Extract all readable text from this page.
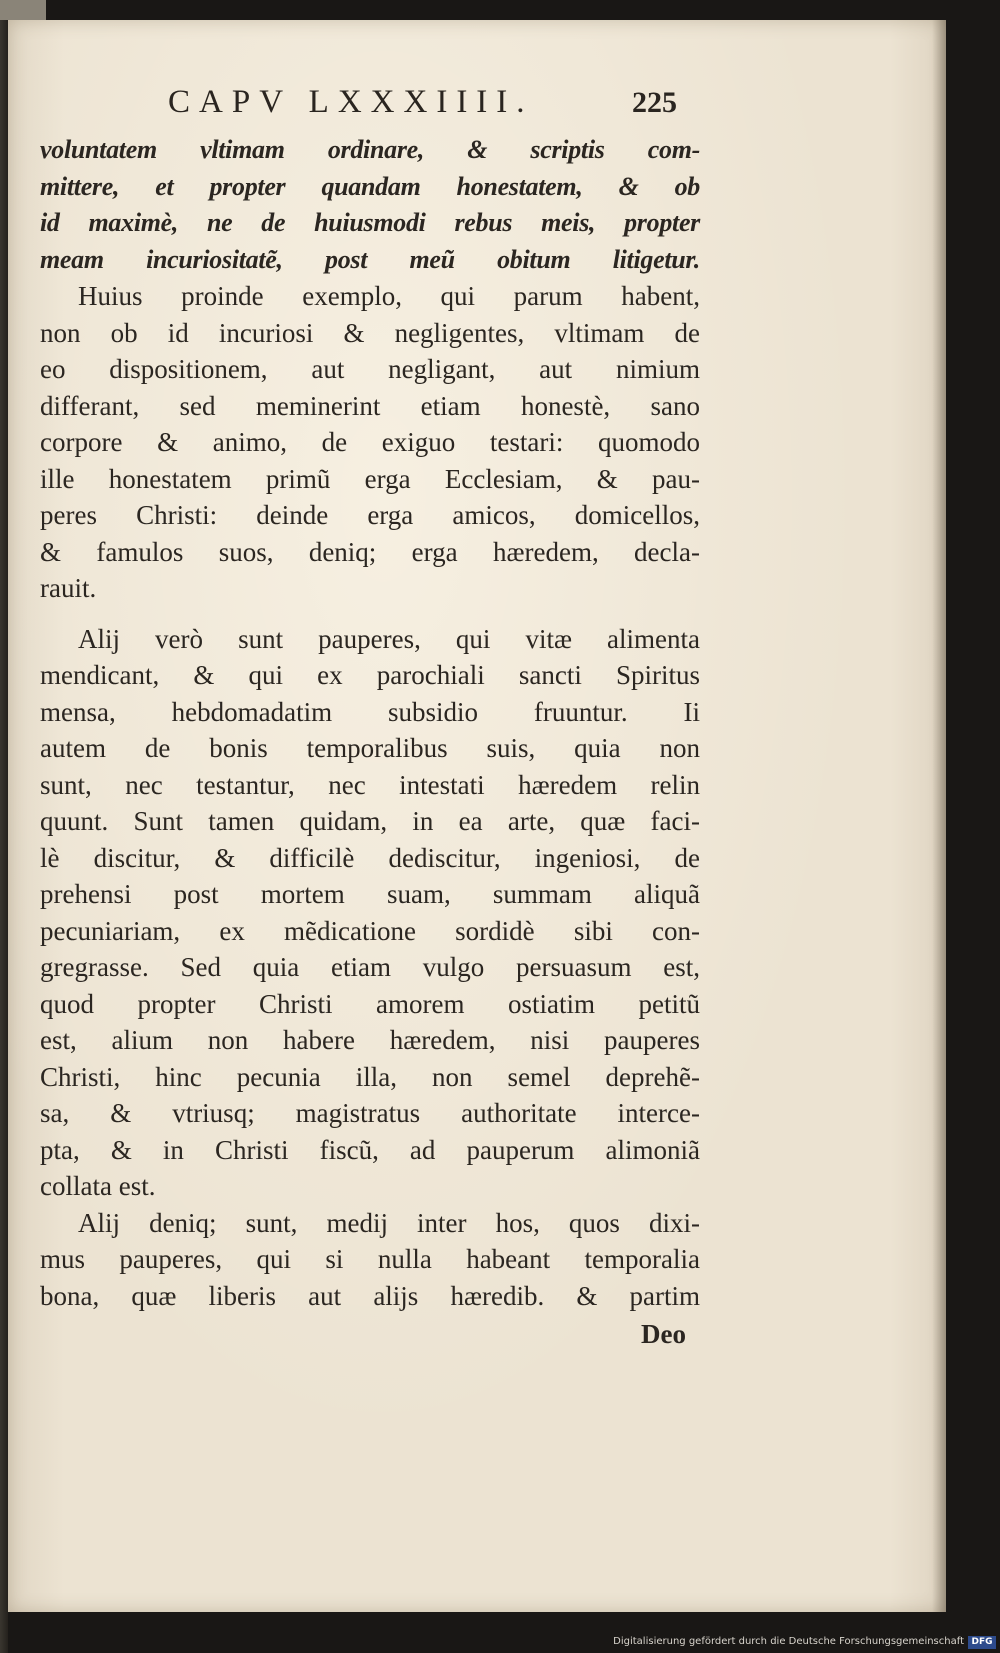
CAPV LXXXIIII.	225
voluntatem vltimam ordinare, & scriptis com-
mittere, et propter quandam honestatem, & ob
id maximè, ne de huiusmodi rebus meis, propter
meam incuriositatẽ, post meũ obitum litigetur.
Huius proinde exemplo, qui parum habent,
non ob id incuriosi & negligentes, vltimam de
eo dispositionem, aut negligant, aut nimium
differant, sed meminerint etiam honestè, sano
corpore & animo, de exiguo testari: quomodo
ille honestatem primũ erga Ecclesiam, & pau-
peres Christi: deinde erga amicos, domicellos,
& famulos suos, deniq; erga hæredem, decla-
rauit.
Alij verò sunt pauperes, qui vitæ alimenta
mendicant, & qui ex parochiali sancti Spiritus
mensa, hebdomadatim subsidio fruuntur. Ii
autem de bonis temporalibus suis, quia non
sunt, nec testantur, nec intestati hæredem relin
quunt. Sunt tamen quidam, in ea arte, quæ faci-
lè discitur, & difficilè dediscitur, ingeniosi, de
prehensi post mortem suam, summam aliquã
pecuniariam, ex mẽdicatione sordidè sibi con-
gregrasse. Sed quia etiam vulgo persuasum est,
quod propter Christi amorem ostiatim petitũ
est, alium non habere hæredem, nisi pauperes
Christi, hinc pecunia illa, non semel deprehẽ-
sa, & vtriusq; magistratus authoritate interce-
pta, & in Christi fiscũ, ad pauperum alimoniã
collata est.
Alij deniq; sunt, medij inter hos, quos dixi-
mus pauperes, qui si nulla habeant temporalia
bona, quæ liberis aut alijs hæredib. & partim
Deo
Digitalisierung gefördert durch die Deutsche Forschungsgemeinschaft DFG
